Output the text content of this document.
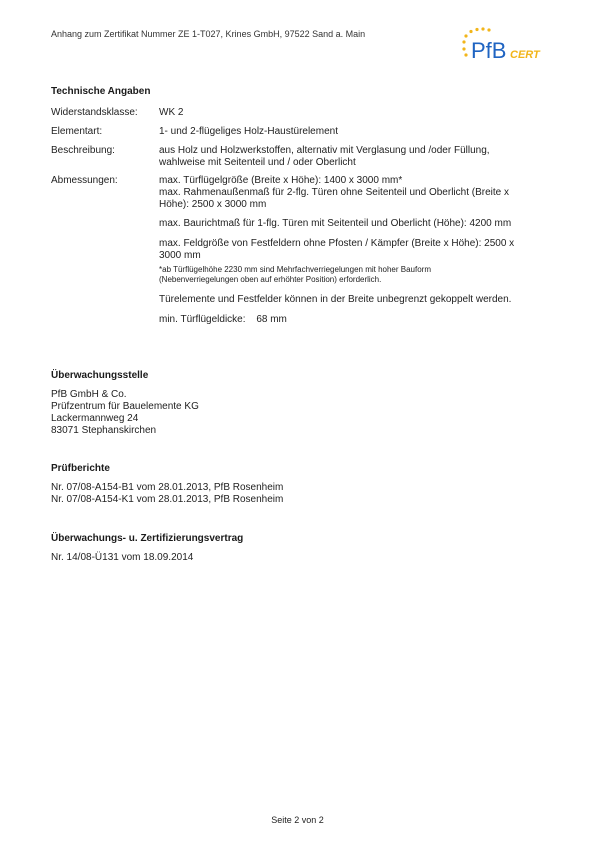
Anhang zum Zertifikat Nummer ZE 1-T027, Krines GmbH, 97522 Sand a. Main
PfB CERT
Technische Angaben
Widerstandsklasse: WK 2
Elementart:	1- und 2-flügeliges Holz-Haustürelement
Beschreibung:	aus Holz und Holzwerkstoffen, alternativ mit Verglasung und /oder Füllung,
wahlweise mit Seitenteil und / oder Oberlicht
Abmessungen:	max. Türflügelgröße (Breite x Höhe): 1400 x 3000 mm*
max. Rahmenaußenmaß für 2-flg. Türen ohne Seitenteil und Oberlicht (Breite x
Höhe): 2500 x 3000 mm
max. Baurichtmaß für 1-flg. Türen mit Seitenteil und Oberlicht (Höhe): 4200 mm
max. Feldgröße von Festfeldern ohne Pfosten / Kämpfer (Breite x Höhe): 2500 x
3000 mm
*ab Türflügelhöhe 2230 mm sind Mehrfachverriegelungen mit hoher Bauform
(Nebenverriegelungen oben auf erhöhter Position) erforderlich.
Türelemente und Festfelder können in der Breite unbegrenzt gekoppelt werden.
min. Türflügeldicke: 68 mm
Überwachungsstelle
PfB GmbH & Co.
Prüfzentrum für Bauelemente KG
Lackermannweg 24
83071 Stephanskirchen
Prüfberichte
Nr. 07/08-A154-B1 vom 28.01.2013, PfB Rosenheim
Nr. 07/08-A154-K1 vom 28.01.2013, PfB Rosenheim
Überwachungs- u. Zertifizierungsvertrag
Nr. 14/08-Ü131 vom 18.09.2014
Seite 2 von 2
